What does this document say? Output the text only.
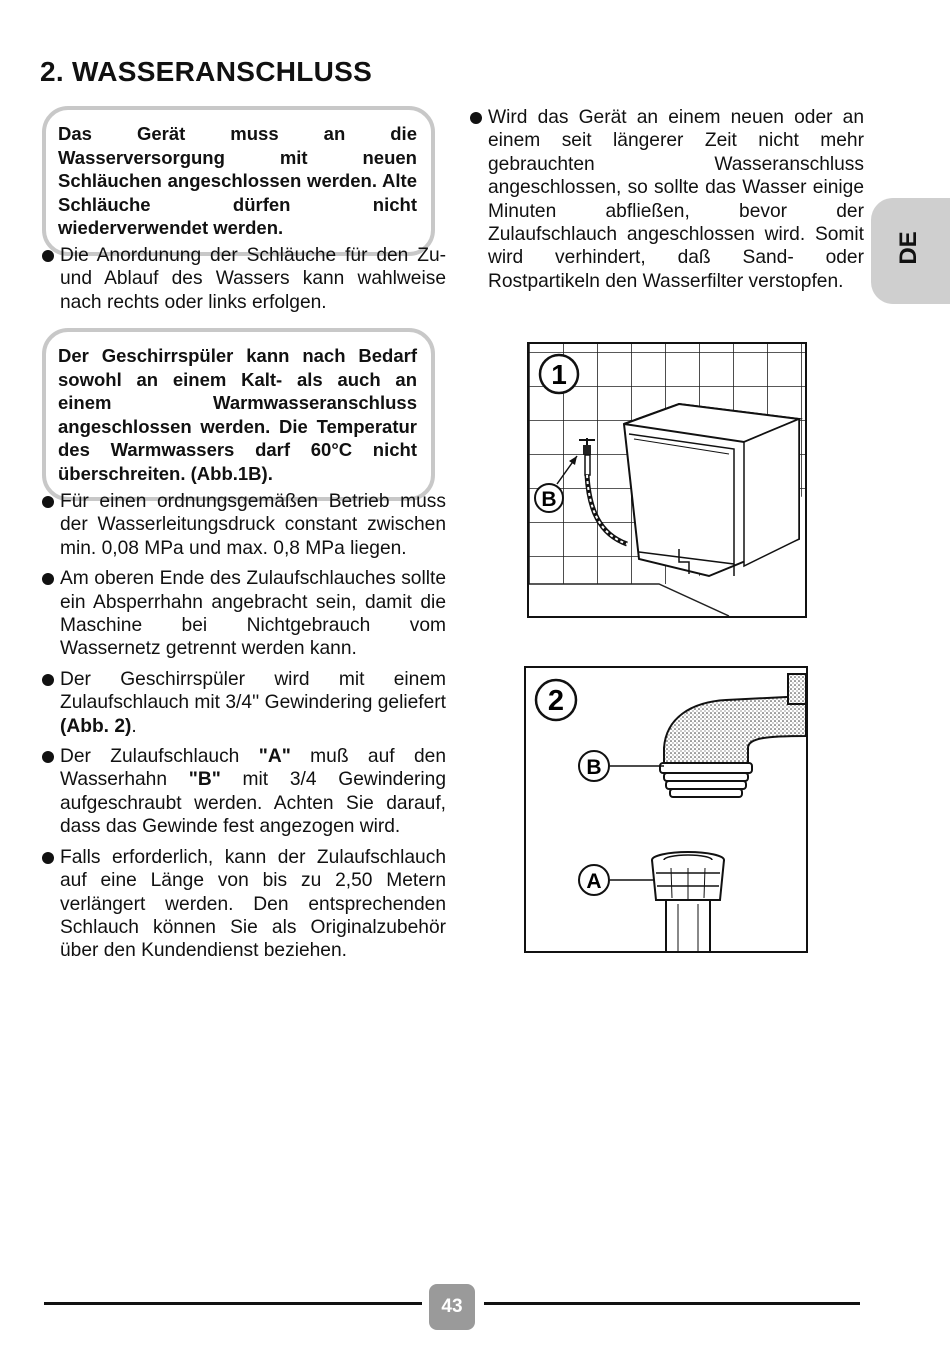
2. WASSERANSCHLUSS
Das Gerät muss an die Wasserversorgung mit neuen Schläuchen angeschlossen werden. Alte Schläuche dürfen nicht wiederverwendet werden.
Die Anordunung der Schläuche für den Zu- und Ablauf des Wassers kann wahlweise nach rechts oder links erfolgen.
Der Geschirrspüler kann nach Bedarf sowohl an einem Kalt- als auch an einem Warmwasseranschluss angeschlossen werden. Die Temperatur des Warmwassers darf 60°C nicht überschreiten. (Abb.1B).
Für einen ordnungsgemäßen Betrieb muss der Wasserleitungsdruck constant zwischen min. 0,08 MPa und max. 0,8 MPa liegen.
Am oberen Ende des Zulaufschlauches sollte ein Absperrhahn angebracht sein, damit die Maschine bei Nichtgebrauch vom Wassernetz getrennt werden kann.
Der Geschirrspüler wird mit einem Zulaufschlauch mit 3/4'' Gewindering geliefert (Abb. 2).
Der Zulaufschlauch "A" muß auf den Wasserhahn "B" mit 3/4 Gewindering aufgeschraubt werden. Achten Sie darauf, dass das Gewinde fest angezogen wird.
Falls erforderlich, kann der Zulaufschlauch auf eine Länge von bis zu 2,50 Metern verlängert werden. Den entsprechenden Schlauch können Sie als Originalzubehör über den Kundendienst beziehen.
Wird das Gerät an einem neuen oder an einem seit längerer Zeit nicht mehr gebrauchten Wasseranschluss angeschlossen, so sollte das Wasser einige Minuten abfließen, bevor der Zulaufschlauch angeschlossen wird. Somit wird verhindert, daß Sand- oder Rostpartikeln den Wasserfilter verstopfen.
DE
1
B
2
B
A
43
